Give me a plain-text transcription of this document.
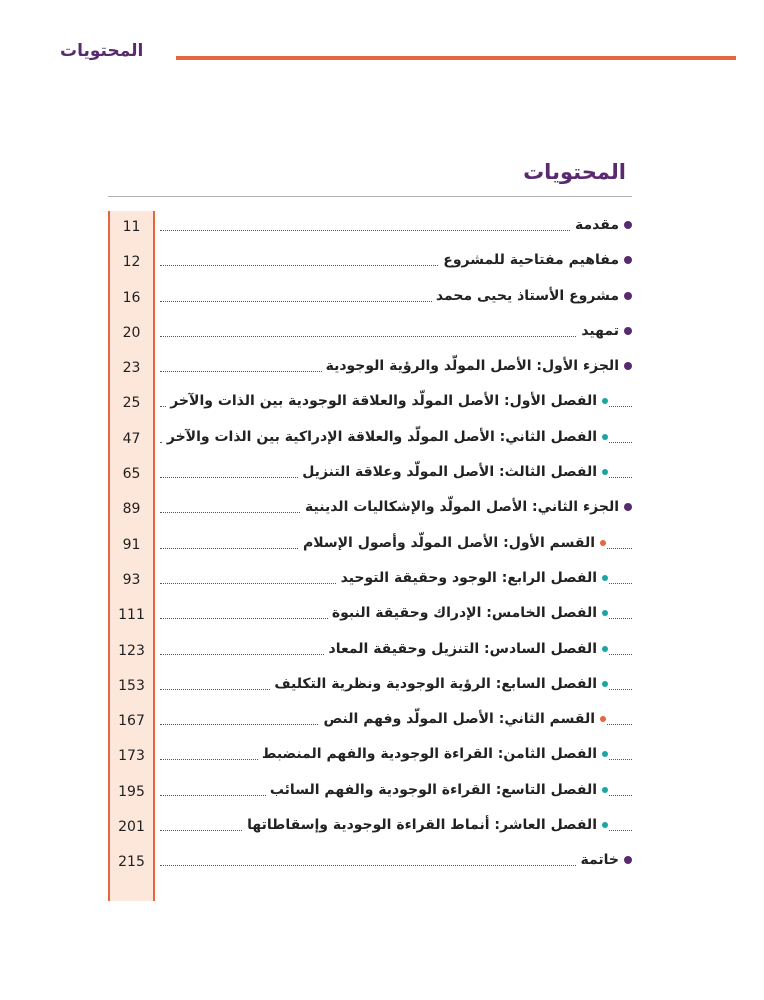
المحتويات
المحتويات
11	مقدمة
12	مفاهيم مفتاحية للمشروع
16	مشروع الأستاذ يحيى محمد
20	تمهيد
23	الجزء الأول: الأصل المولّد والرؤية الوجودية
25	الفصل الأول: الأصل المولّد والعلاقة الوجودية بين الذات والآخر
47	الفصل الثاني: الأصل المولّد والعلاقة الإدراكية بين الذات والآخر
65	الفصل الثالث: الأصل المولّد وعلاقة التنزيل
89	الجزء الثاني: الأصل المولّد والإشكاليات الدينية
91	القسم الأول: الأصل المولّد وأصول الإسلام
93	الفصل الرابع: الوجود وحقيقة التوحيد
111	الفصل الخامس: الإدراك وحقيقة النبوة
123	الفصل السادس: التنزيل وحقيقة المعاد
153	الفصل السابع: الرؤية الوجودية ونظرية التكليف
167	القسم الثاني: الأصل المولّد وفهم النص
173	الفصل الثامن: القراءة الوجودية والفهم المنضبط
195	الفصل التاسع: القراءة الوجودية والفهم السائب
201	الفصل العاشر: أنماط القراءة الوجودية وإسقاطاتها
215	خاتمة
